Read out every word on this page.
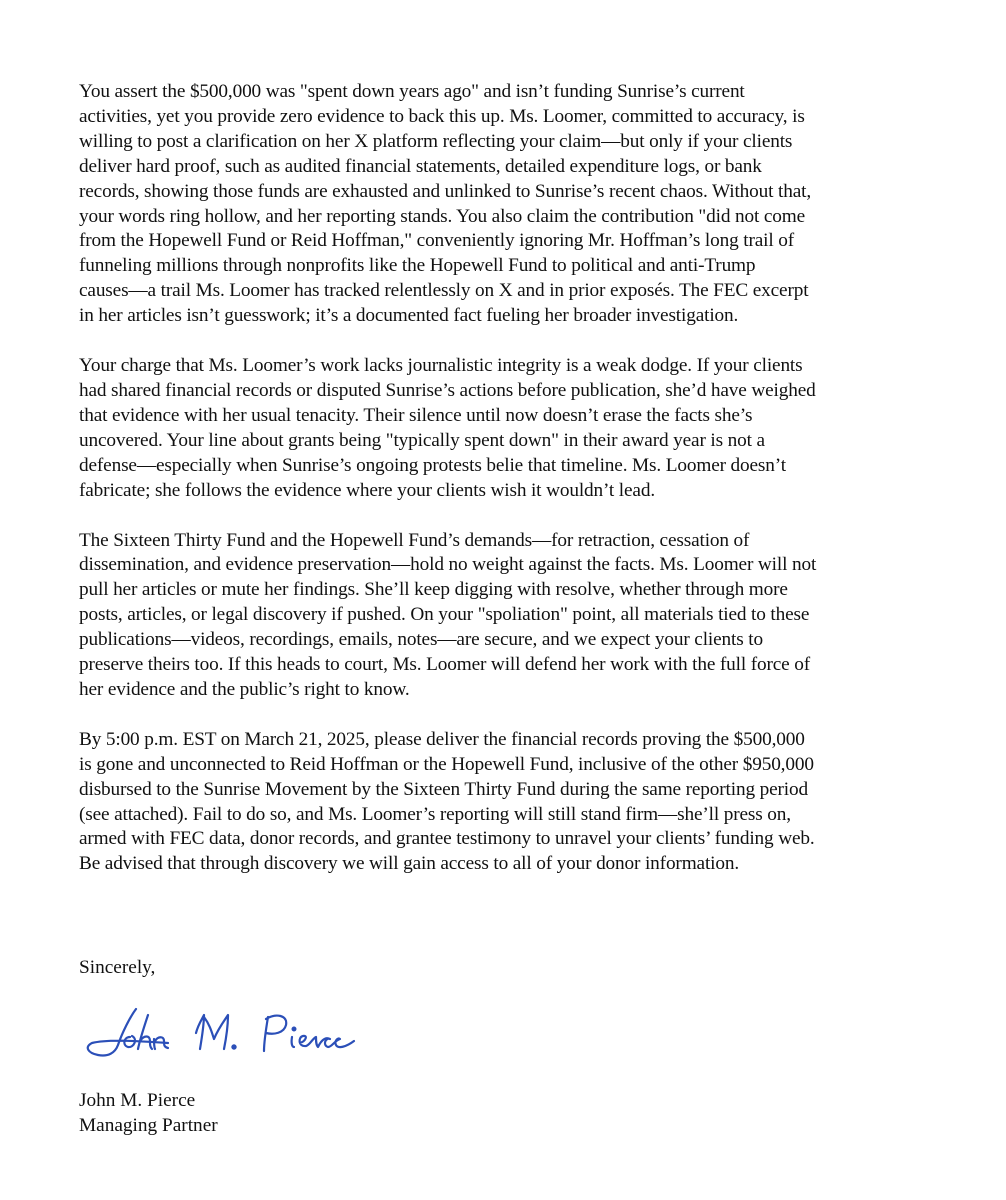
You assert the $500,000 was "spent down years ago" and isn’t funding Sunrise’s current
activities, yet you provide zero evidence to back this up. Ms. Loomer, committed to accuracy, is
willing to post a clarification on her X platform reflecting your claim—but only if your clients
deliver hard proof, such as audited financial statements, detailed expenditure logs, or bank
records, showing those funds are exhausted and unlinked to Sunrise’s recent chaos. Without that,
your words ring hollow, and her reporting stands. You also claim the contribution "did not come
from the Hopewell Fund or Reid Hoffman," conveniently ignoring Mr. Hoffman’s long trail of
funneling millions through nonprofits like the Hopewell Fund to political and anti-Trump
causes—a trail Ms. Loomer has tracked relentlessly on X and in prior exposés. The FEC excerpt
in her articles isn’t guesswork; it’s a documented fact fueling her broader investigation.

Your charge that Ms. Loomer’s work lacks journalistic integrity is a weak dodge. If your clients
had shared financial records or disputed Sunrise’s actions before publication, she’d have weighed
that evidence with her usual tenacity. Their silence until now doesn’t erase the facts she’s
uncovered. Your line about grants being "typically spent down" in their award year is not a
defense—especially when Sunrise’s ongoing protests belie that timeline. Ms. Loomer doesn’t
fabricate; she follows the evidence where your clients wish it wouldn’t lead.

The Sixteen Thirty Fund and the Hopewell Fund’s demands—for retraction, cessation of
dissemination, and evidence preservation—hold no weight against the facts. Ms. Loomer will not
pull her articles or mute her findings. She’ll keep digging with resolve, whether through more
posts, articles, or legal discovery if pushed. On your "spoliation" point, all materials tied to these
publications—videos, recordings, emails, notes—are secure, and we expect your clients to
preserve theirs too. If this heads to court, Ms. Loomer will defend her work with the full force of
her evidence and the public’s right to know.

By 5:00 p.m. EST on March 21, 2025, please deliver the financial records proving the $500,000
is gone and unconnected to Reid Hoffman or the Hopewell Fund, inclusive of the other $950,000
disbursed to the Sunrise Movement by the Sixteen Thirty Fund during the same reporting period
(see attached). Fail to do so, and Ms. Loomer’s reporting will still stand firm—she’ll press on,
armed with FEC data, donor records, and grantee testimony to unravel your clients’ funding web.
Be advised that through discovery we will gain access to all of your donor information.

Sincerely,
John M. Pierce
Managing Partner
